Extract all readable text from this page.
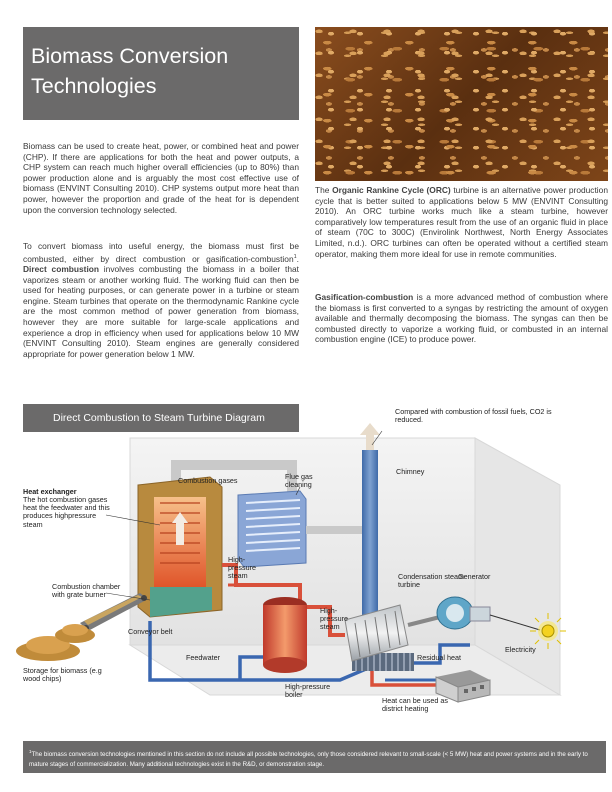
Biomass Conversion Technologies

Biomass can be used to create heat, power, or combined heat and power (CHP). If there are applications for both the heat and power outputs, a CHP system can reach much higher overall efficiencies (up to 80%) than power production alone and is arguably the most cost effective use of biomass (ENVINT Consulting 2010). CHP systems output more heat than power, however the proportion and grade of the heat for is dependent upon the conversion technology selected.

To convert biomass into useful energy, the biomass must first be combusted, either by direct combustion or gasification-combustion$^1$. Direct combustion involves combusting the biomass in a boiler that vaporizes steam or another working fluid. The working fluid can then be used for heating purposes, or can generate power in a turbine or steam engine. Steam turbines that operate on the thermodynamic Rankine cycle are the most common method of power generation from biomass, however they are more suitable for large-scale applications and experience a drop in efficiency when used for applications below 10 MW (ENVINT Consulting 2010). Steam engines are generally considered appropriate for power generation below 1 MW.

The Organic Rankine Cycle (ORC) turbine is an alternative power production cycle that is better suited to applications below 5 MW (ENVINT Consulting 2010). An ORC turbine works much like a steam turbine, however comparatively low temperatures result from the use of an organic fluid in place of steam (70C to 300C) (Envirolink Northwest, North Energy Associates Limited, n.d.). ORC turbines can often be operated without a certified steam operator, making them more ideal for use in remote communities.

Gasification-combustion is a more advanced method of combustion where the biomass is first converted to a syngas by restricting the amount of oxygen available and thermally decomposing the biomass. The syngas can then be combusted directly to vaporize a working fluid, or combusted in an internal combustion engine (ICE) to produce power.

Direct Combustion to Steam Turbine Diagram

Compared with combustion of fossil fuels, CO2 is reduced.

Chimney

Combustion gases	Flue gas cleaning

Heat exchanger

The hot combustion gases heat the feedwater and this produces highpressure steam

High-pressure steam	Condensation steam turbine

Generator

High-pressure steam

Combustion chamber with grate burner

Conveyor belt

Feedwater	Residual heat

Electricity

Storage for biomass (e.g wood chips)

High-pressure boiler

Heat can be used as district heating

$^1$The biomass conversion technologies mentioned in this section do not include all possible technologies, only those considered relevant to small-scale (< 5 MW) heat and power systems and in the early to mature stages of commercialization. Many additional technologies exist in the R&D, or demonstration stage.
